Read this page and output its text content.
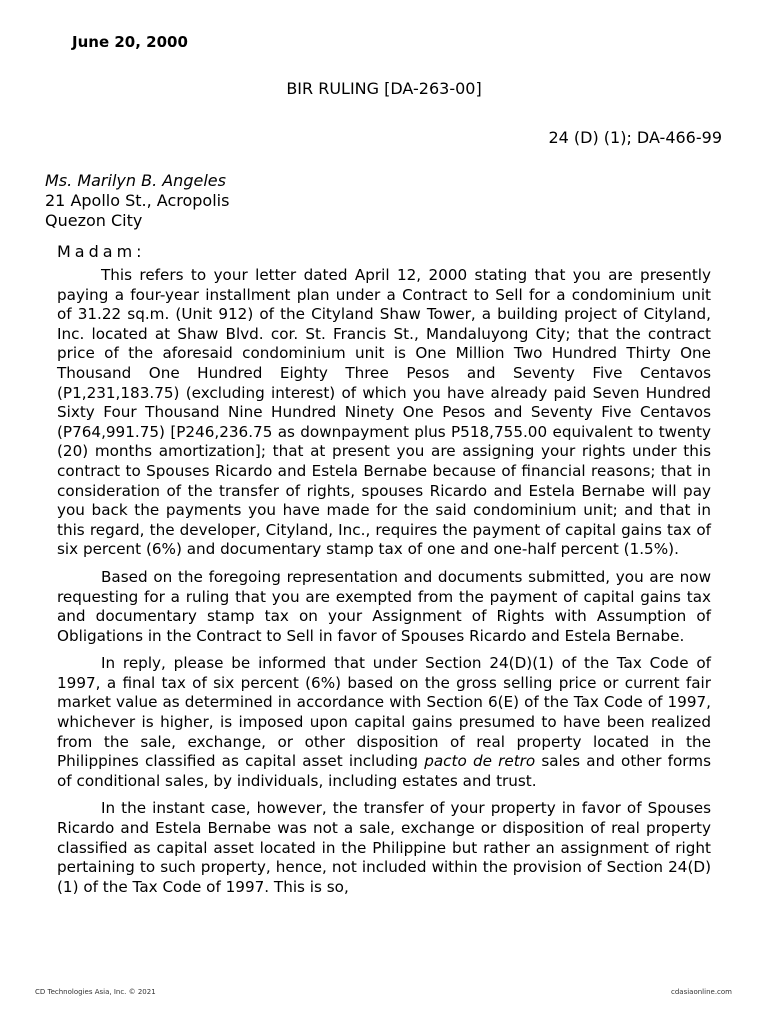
June 20, 2000
BIR RULING [DA-263-00]
24 (D) (1); DA-466-99
Ms. Marilyn B. Angeles
21 Apollo St., Acropolis
Quezon City
Madam:

This refers to your letter dated April 12, 2000 stating that you are presently paying a four-year installment plan under a Contract to Sell for a condominium unit of 31.22 sq.m. (Unit 912) of the Cityland Shaw Tower, a building project of Cityland, Inc. located at Shaw Blvd. cor. St. Francis St., Mandaluyong City; that the contract price of the aforesaid condominium unit is One Million Two Hundred Thirty One Thousand One Hundred Eighty Three Pesos and Seventy Five Centavos (P1,231,183.75) (excluding interest) of which you have already paid Seven Hundred Sixty Four Thousand Nine Hundred Ninety One Pesos and Seventy Five Centavos (P764,991.75) [P246,236.75 as downpayment plus P518,755.00 equivalent to twenty (20) months amortization]; that at present you are assigning your rights under this contract to Spouses Ricardo and Estela Bernabe because of financial reasons; that in consideration of the transfer of rights, spouses Ricardo and Estela Bernabe will pay you back the payments you have made for the said condominium unit; and that in this regard, the developer, Cityland, Inc., requires the payment of capital gains tax of six percent (6%) and documentary stamp tax of one and one-half percent (1.5%).

Based on the foregoing representation and documents submitted, you are now requesting for a ruling that you are exempted from the payment of capital gains tax and documentary stamp tax on your Assignment of Rights with Assumption of Obligations in the Contract to Sell in favor of Spouses Ricardo and Estela Bernabe.

In reply, please be informed that under Section 24(D)(1) of the Tax Code of 1997, a final tax of six percent (6%) based on the gross selling price or current fair market value as determined in accordance with Section 6(E) of the Tax Code of 1997, whichever is higher, is imposed upon capital gains presumed to have been realized from the sale, exchange, or other disposition of real property located in the Philippines classified as capital asset including pacto de retro sales and other forms of conditional sales, by individuals, including estates and trust.

In the instant case, however, the transfer of your property in favor of Spouses Ricardo and Estela Bernabe was not a sale, exchange or disposition of real property classified as capital asset located in the Philippine but rather an assignment of right pertaining to such property, hence, not included within the provision of Section 24(D)(1) of the Tax Code of 1997. This is so,

CD Technologies Asia, Inc. © 2021	cdasiaonline.com
